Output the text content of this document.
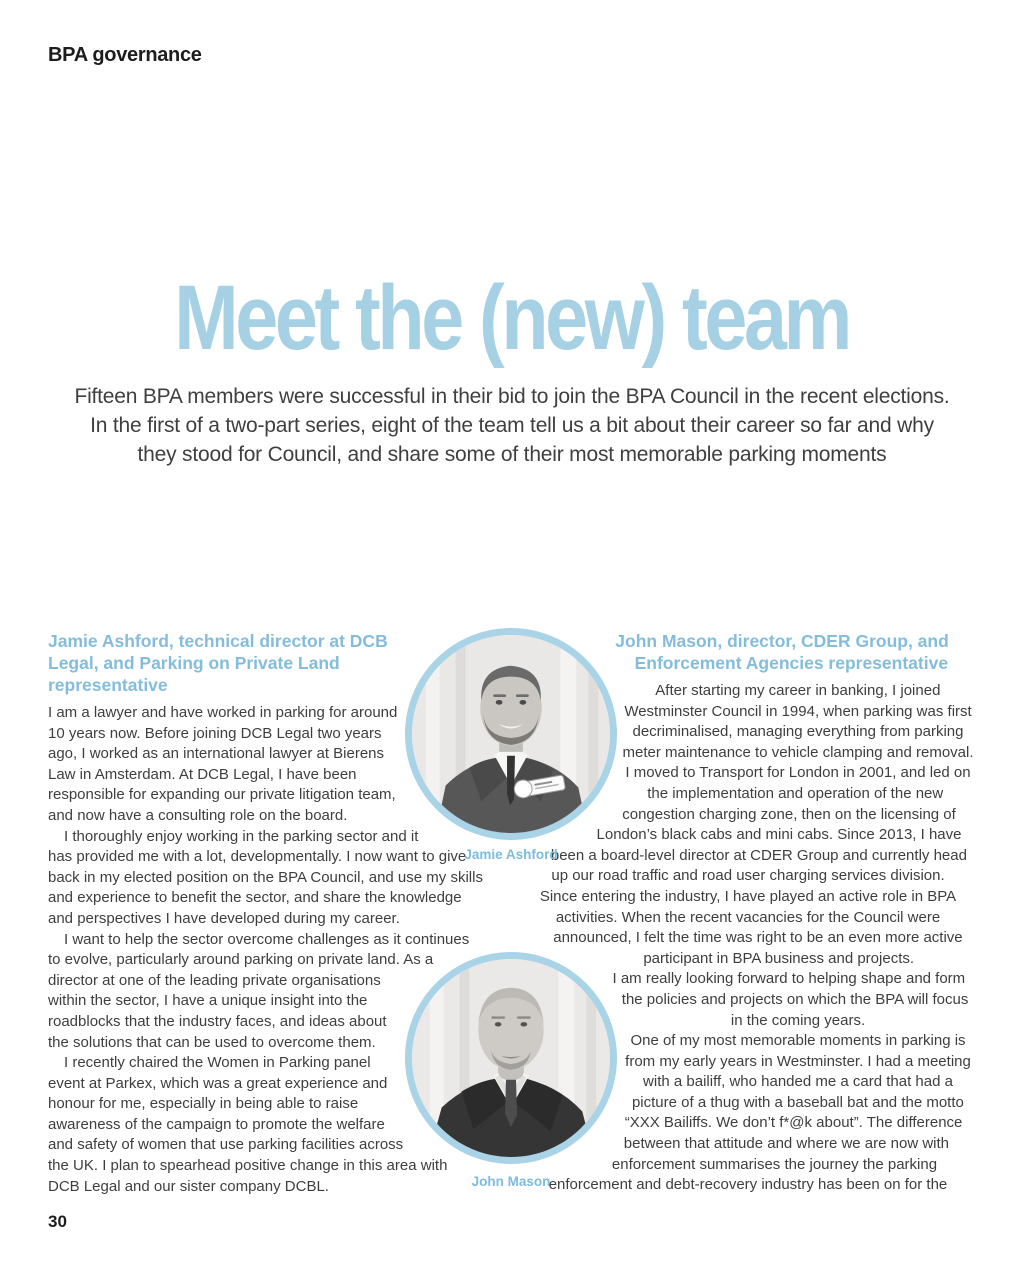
BPA governance
Meet the (new) team
Fifteen BPA members were successful in their bid to join the BPA Council in the recent elections. In the first of a two-part series, eight of the team tell us a bit about their career so far and why they stood for Council, and share some of their most memorable parking moments
Jamie Ashford, technical director at DCB Legal, and Parking on Private Land representative

I am a lawyer and have worked in parking for around 10 years now. Before joining DCB Legal two years ago, I worked as an international lawyer at Bierens Law in Amsterdam. At DCB Legal, I have been responsible for expanding our private litigation team, and now have a consulting role on the board.

I thoroughly enjoy working in the parking sector and it has provided me with a lot, developmentally. I now want to give back in my elected position on the BPA Council, and use my skills and experience to benefit the sector, and share the knowledge and perspectives I have developed during my career.

I want to help the sector overcome challenges as it continues to evolve, particularly around parking on private land. As a director at one of the leading private organisations within the sector, I have a unique insight into the roadblocks that the industry faces, and ideas about the solutions that can be used to overcome them.

I recently chaired the Women in Parking panel event at Parkex, which was a great experience and honour for me, especially in being able to raise awareness of the campaign to promote the welfare and safety of women that use parking facilities across the UK. I plan to spearhead positive change in this area with DCB Legal and our sister company DCBL.

John Mason, director, CDER Group, and Enforcement Agencies representative

After starting my career in banking, I joined Westminster Council in 1994, when parking was first decriminalised, managing everything from parking meter maintenance to vehicle clamping and removal. I moved to Transport for London in 2001, and led on the implementation and operation of the new congestion charging zone, then on the licensing of London’s black cabs and mini cabs. Since 2013, I have been a board-level director at CDER Group and currently head up our road traffic and road user charging services division.

Since entering the industry, I have played an active role in BPA activities. When the recent vacancies for the Council were announced, I felt the time was right to be an even more active participant in BPA business and projects.

I am really looking forward to helping shape and form the policies and projects on which the BPA will focus in the coming years.

One of my most memorable moments in parking is from my early years in Westminster. I had a meeting with a bailiff, who handed me a card that had a picture of a thug with a baseball bat and the motto “XXX Bailiffs. We don’t f*@k about”. The difference between that attitude and where we are now with enforcement summarises the journey the parking enforcement and debt-recovery industry has been on for the

Jamie Ashford
John Mason
30
